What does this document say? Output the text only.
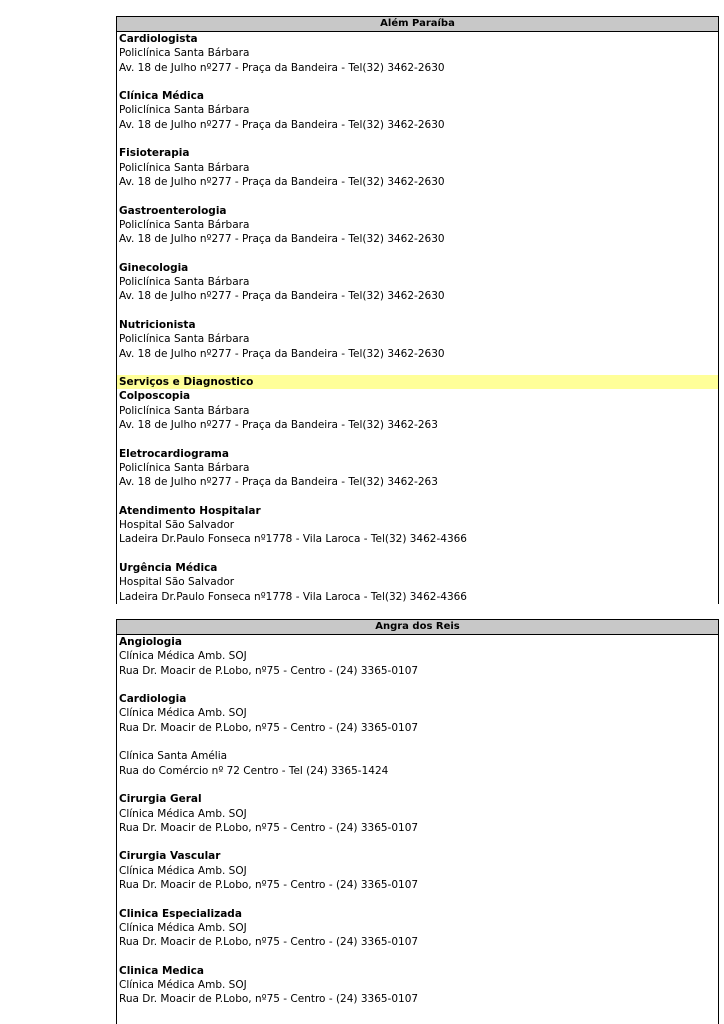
Além Paraíba
Cardiologista
Policlínica Santa Bárbara
Av. 18 de Julho nº277 - Praça da Bandeira - Tel(32) 3462-2630
Clínica Médica
Policlínica Santa Bárbara
Av. 18 de Julho nº277 - Praça da Bandeira - Tel(32) 3462-2630
Fisioterapia
Policlínica Santa Bárbara
Av. 18 de Julho nº277 - Praça da Bandeira - Tel(32) 3462-2630
Gastroenterologia
Policlínica Santa Bárbara
Av. 18 de Julho nº277 - Praça da Bandeira - Tel(32) 3462-2630
Ginecologia
Policlínica Santa Bárbara
Av. 18 de Julho nº277 - Praça da Bandeira - Tel(32) 3462-2630
Nutricionista
Policlínica Santa Bárbara
Av. 18 de Julho nº277 - Praça da Bandeira - Tel(32) 3462-2630
Serviços e Diagnostico
Colposcopia
Policlínica Santa Bárbara
Av. 18 de Julho nº277 - Praça da Bandeira - Tel(32) 3462-263
Eletrocardiograma
Policlínica Santa Bárbara
Av. 18 de Julho nº277 - Praça da Bandeira - Tel(32) 3462-263
Atendimento Hospitalar
Hospital São Salvador
Ladeira Dr.Paulo Fonseca nº1778 - Vila Laroca - Tel(32) 3462-4366
Urgência Médica
Hospital São Salvador
Ladeira Dr.Paulo Fonseca nº1778 - Vila Laroca - Tel(32) 3462-4366
Angra dos Reis
Angiologia
Clínica Médica Amb. SOJ
Rua Dr. Moacir de P.Lobo, nº75 - Centro - (24) 3365-0107
Cardiologia
Clínica Médica Amb. SOJ
Rua Dr. Moacir de P.Lobo, nº75 - Centro - (24) 3365-0107
Clínica Santa Amélia
Rua do Comércio nº 72 Centro - Tel (24) 3365-1424
Cirurgia Geral
Clínica Médica Amb. SOJ
Rua Dr. Moacir de P.Lobo, nº75 - Centro - (24) 3365-0107
Cirurgia Vascular
Clínica Médica Amb. SOJ
Rua Dr. Moacir de P.Lobo, nº75 - Centro - (24) 3365-0107
Clinica Especializada
Clínica Médica Amb. SOJ
Rua Dr. Moacir de P.Lobo, nº75 - Centro - (24) 3365-0107
Clinica Medica
Clínica Médica Amb. SOJ
Rua Dr. Moacir de P.Lobo, nº75 - Centro - (24) 3365-0107
